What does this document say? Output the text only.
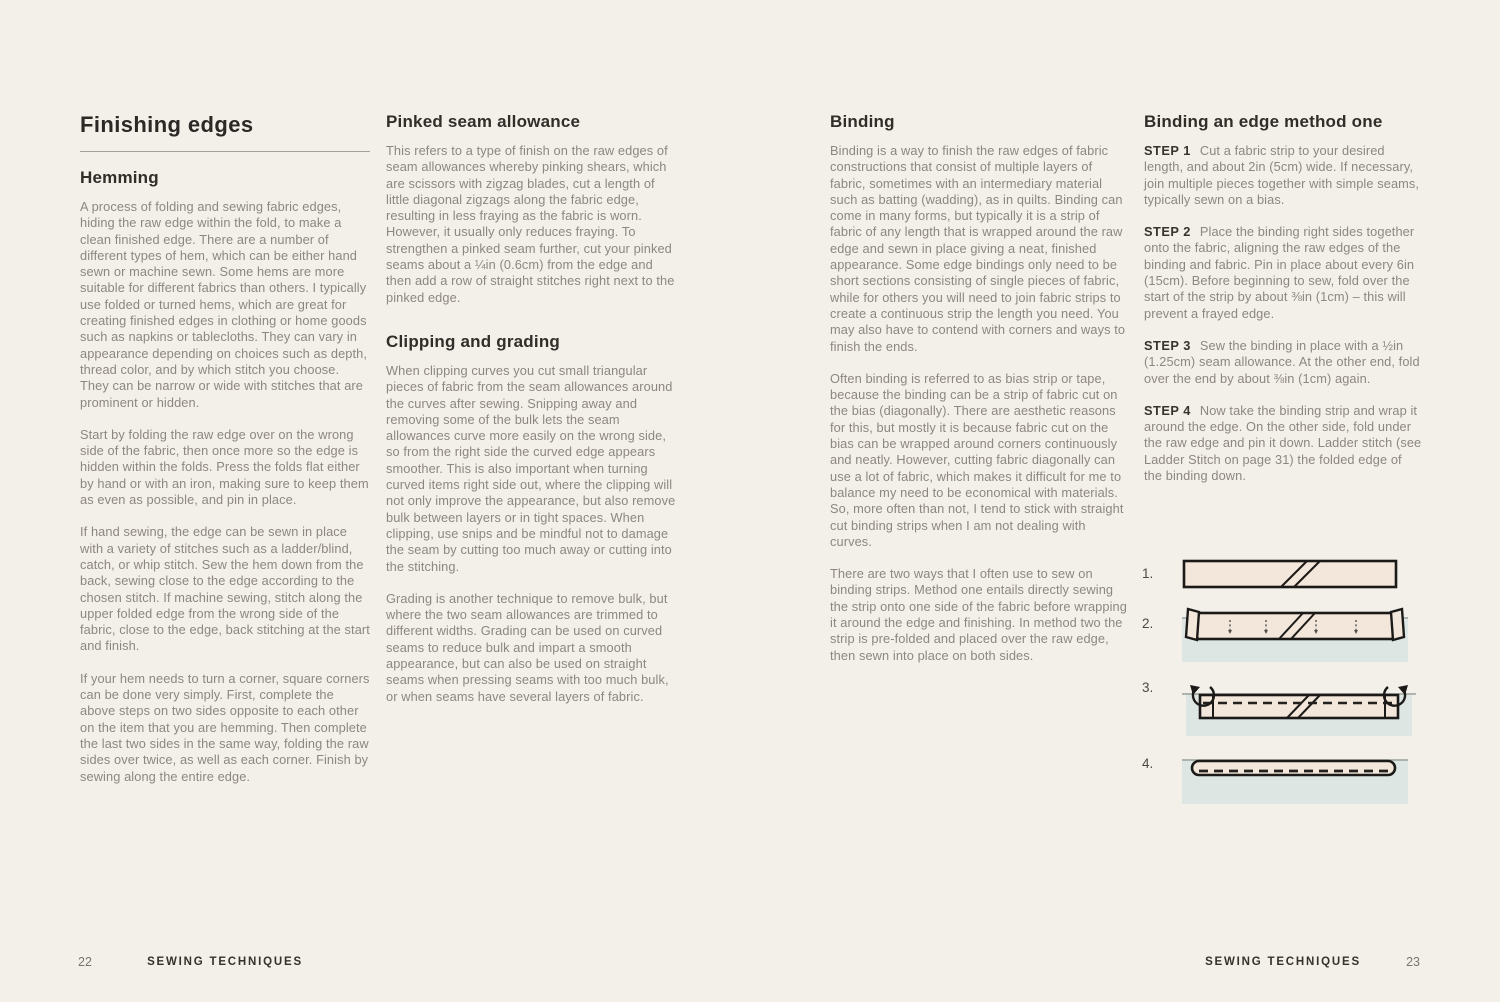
Finishing edges
Hemming

A process of folding and sewing fabric edges, hiding the raw edge within the fold, to make a clean finished edge. There are a number of different types of hem, which can be either hand sewn or machine sewn. Some hems are more suitable for different fabrics than others. I typically use folded or turned hems, which are great for creating finished edges in clothing or home goods such as napkins or tablecloths. They can vary in appearance depending on choices such as depth, thread color, and by which stitch you choose. They can be narrow or wide with stitches that are prominent or hidden.

Start by folding the raw edge over on the wrong side of the fabric, then once more so the edge is hidden within the folds. Press the folds flat either by hand or with an iron, making sure to keep them as even as possible, and pin in place.

If hand sewing, the edge can be sewn in place with a variety of stitches such as a ladder/blind, catch, or whip stitch. Sew the hem down from the back, sewing close to the edge according to the chosen stitch. If machine sewing, stitch along the upper folded edge from the wrong side of the fabric, close to the edge, back stitching at the start and finish.

If your hem needs to turn a corner, square corners can be done very simply. First, complete the above steps on two sides opposite to each other on the item that you are hemming. Then complete the last two sides in the same way, folding the raw sides over twice, as well as each corner. Finish by sewing along the entire edge.

Pinked seam allowance

This refers to a type of finish on the raw edges of seam allowances whereby pinking shears, which are scissors with zigzag blades, cut a length of little diagonal zigzags along the fabric edge, resulting in less fraying as the fabric is worn. However, it usually only reduces fraying. To strengthen a pinked seam further, cut your pinked seams about a ¼in (0.6cm) from the edge and then add a row of straight stitches right next to the pinked edge.

Clipping and grading

When clipping curves you cut small triangular pieces of fabric from the seam allowances around the curves after sewing. Snipping away and removing some of the bulk lets the seam allowances curve more easily on the wrong side, so from the right side the curved edge appears smoother. This is also important when turning curved items right side out, where the clipping will not only improve the appearance, but also remove bulk between layers or in tight spaces. When clipping, use snips and be mindful not to damage the seam by cutting too much away or cutting into the stitching.

Grading is another technique to remove bulk, but where the two seam allowances are trimmed to different widths. Grading can be used on curved seams to reduce bulk and impart a smooth appearance, but can also be used on straight seams when pressing seams with too much bulk, or when seams have several layers of fabric.

Binding

Binding is a way to finish the raw edges of fabric constructions that consist of multiple layers of fabric, sometimes with an intermediary material such as batting (wadding), as in quilts. Binding can come in many forms, but typically it is a strip of fabric of any length that is wrapped around the raw edge and sewn in place giving a neat, finished appearance. Some edge bindings only need to be short sections consisting of single pieces of fabric, while for others you will need to join fabric strips to create a continuous strip the length you need. You may also have to contend with corners and ways to finish the ends.

Often binding is referred to as bias strip or tape, because the binding can be a strip of fabric cut on the bias (diagonally). There are aesthetic reasons for this, but mostly it is because fabric cut on the bias can be wrapped around corners continuously and neatly. However, cutting fabric diagonally can use a lot of fabric, which makes it difficult for me to balance my need to be economical with materials. So, more often than not, I tend to stick with straight cut binding strips when I am not dealing with curves.

There are two ways that I often use to sew on binding strips. Method one entails directly sewing the strip onto one side of the fabric before wrapping it around the edge and finishing. In method two the strip is pre-folded and placed over the raw edge, then sewn into place on both sides.

Binding an edge method one

STEP 1 Cut a fabric strip to your desired length, and about 2in (5cm) wide. If necessary, join multiple pieces together with simple seams, typically sewn on a bias.

STEP 2 Place the binding right sides together onto the fabric, aligning the raw edges of the binding and fabric. Pin in place about every 6in (15cm). Before beginning to sew, fold over the start of the strip by about ⅜in (1cm) – this will prevent a frayed edge.

STEP 3 Sew the binding in place with a ½in (1.25cm) seam allowance. At the other end, fold over the end by about ⅜in (1cm) again.

STEP 4 Now take the binding strip and wrap it around the edge. On the other side, fold under the raw edge and pin it down. Ladder stitch (see Ladder Stitch on page 31) the folded edge of the binding down.

1.
2.
3.
4.
22	SEWING TECHNIQUES	SEWING TECHNIQUES	23
